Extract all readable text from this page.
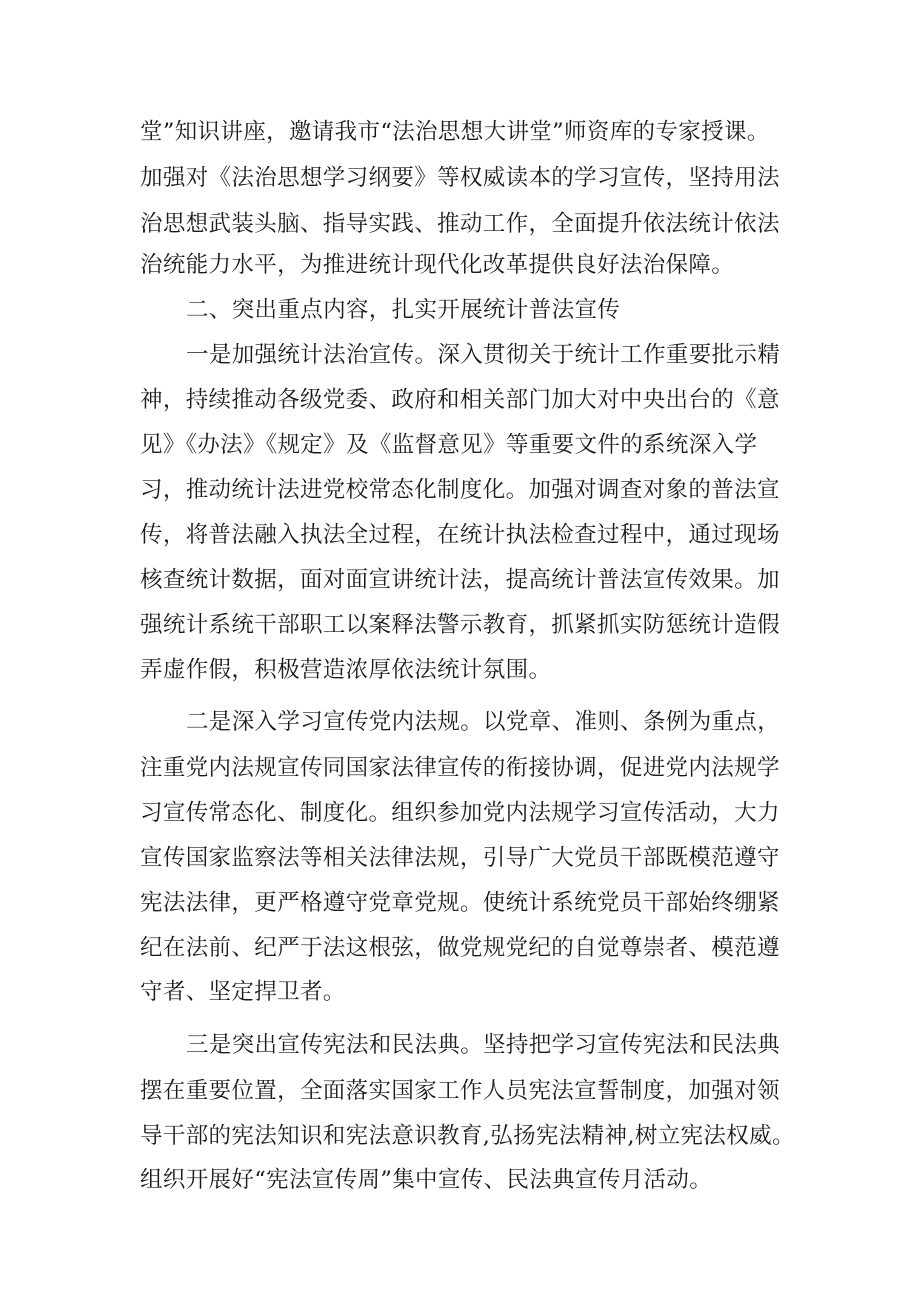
堂”知识讲座，邀请我市“法治思想大讲堂”师资库的专家授课。
加强对《法治思想学习纲要》等权威读本的学习宣传，坚持用法
治思想武装头脑、指导实践、推动工作，全面提升依法统计依法
治统能力水平，为推进统计现代化改革提供良好法治保障。
二、突出重点内容，扎实开展统计普法宣传
一是加强统计法治宣传。深入贯彻关于统计工作重要批示精
神，持续推动各级党委、政府和相关部门加大对中央出台的《意
见》《办法》《规定》及《监督意见》等重要文件的系统深入学
习，推动统计法进党校常态化制度化。加强对调查对象的普法宣
传，将普法融入执法全过程，在统计执法检查过程中，通过现场
核查统计数据，面对面宣讲统计法，提高统计普法宣传效果。加
强统计系统干部职工以案释法警示教育，抓紧抓实防惩统计造假
弄虚作假，积极营造浓厚依法统计氛围。
二是深入学习宣传党内法规。以党章、准则、条例为重点，
注重党内法规宣传同国家法律宣传的衔接协调，促进党内法规学
习宣传常态化、制度化。组织参加党内法规学习宣传活动，大力
宣传国家监察法等相关法律法规，引导广大党员干部既模范遵守
宪法法律，更严格遵守党章党规。使统计系统党员干部始终绷紧
纪在法前、纪严于法这根弦，做党规党纪的自觉尊崇者、模范遵
守者、坚定捍卫者。
三是突出宣传宪法和民法典。坚持把学习宣传宪法和民法典
摆在重要位置，全面落实国家工作人员宪法宣誓制度，加强对领
导干部的宪法知识和宪法意识教育,弘扬宪法精神,树立宪法权威。
组织开展好“宪法宣传周”集中宣传、民法典宣传月活动。
